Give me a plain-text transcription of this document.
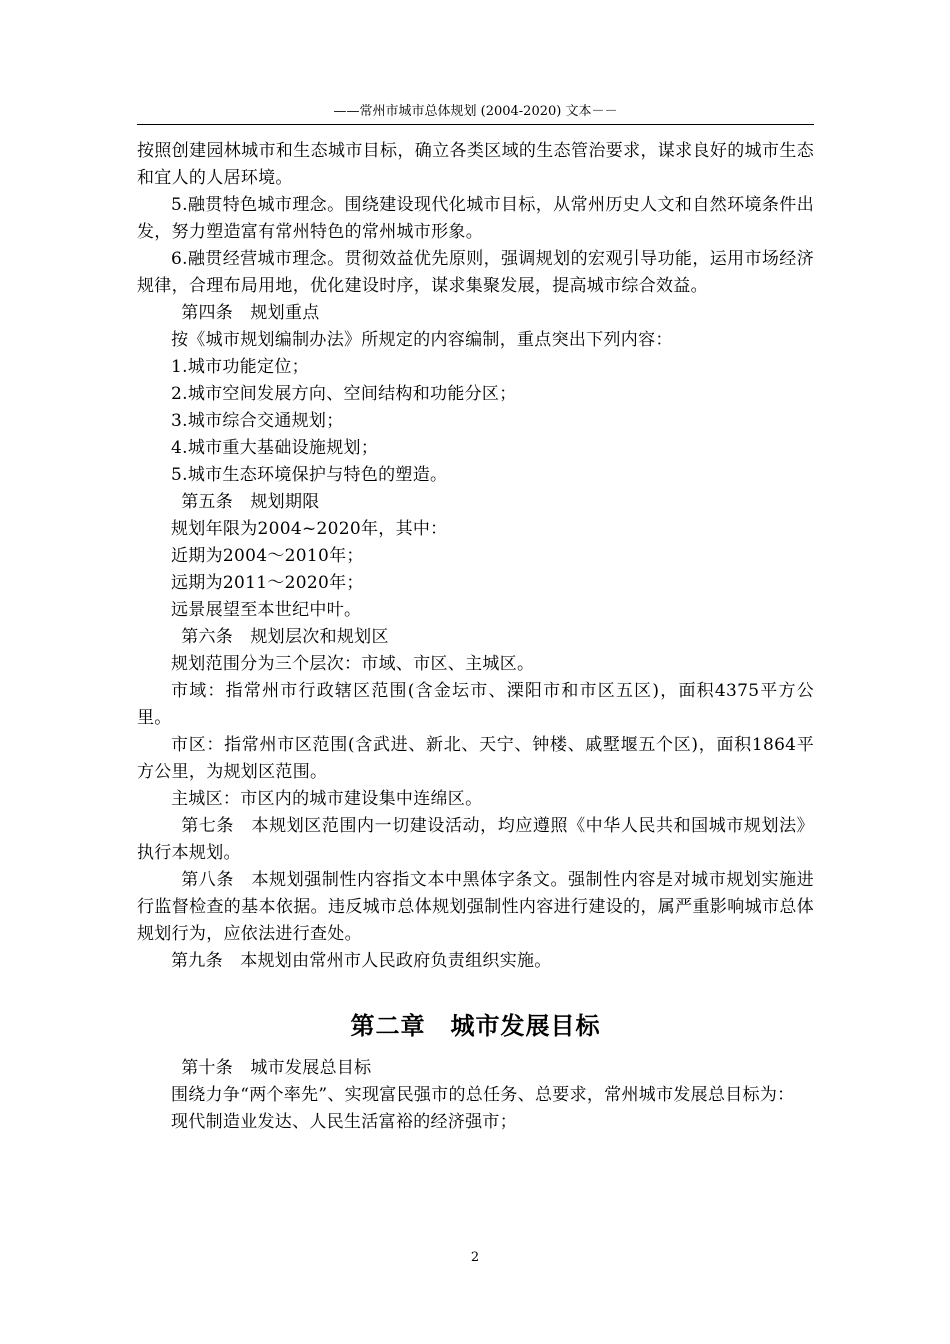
——常州市城市总体规划 (2004-2020) 文本－－

按照创建园林城市和生态城市目标，确立各类区域的生态管治要求，谋求良好的城市生态和宜人的人居环境。

5.融贯特色城市理念。围绕建设现代化城市目标，从常州历史人文和自然环境条件出发，努力塑造富有常州特色的常州城市形象。

6.融贯经营城市理念。贯彻效益优先原则，强调规划的宏观引导功能，运用市场经济规律，合理布局用地，优化建设时序，谋求集聚发展，提高城市综合效益。

第四条　规划重点

按《城市规划编制办法》所规定的内容编制，重点突出下列内容：

1.城市功能定位；

2.城市空间发展方向、空间结构和功能分区；

3.城市综合交通规划；

4.城市重大基础设施规划；

5.城市生态环境保护与特色的塑造。

第五条　规划期限

规划年限为2004~2020年，其中：

近期为2004～2010年；

远期为2011～2020年；

远景展望至本世纪中叶。

第六条　规划层次和规划区

规划范围分为三个层次：市域、市区、主城区。

市域：指常州市行政辖区范围(含金坛市、溧阳市和市区五区)，面积4375平方公里。

市区：指常州市区范围(含武进、新北、天宁、钟楼、戚墅堰五个区)，面积1864平方公里，为规划区范围。

主城区：市区内的城市建设集中连绵区。

第七条　本规划区范围内一切建设活动，均应遵照《中华人民共和国城市规划法》执行本规划。

第八条　本规划强制性内容指文本中黑体字条文。强制性内容是对城市规划实施进行监督检查的基本依据。违反城市总体规划强制性内容进行建设的，属严重影响城市总体规划行为，应依法进行查处。

第九条　本规划由常州市人民政府负责组织实施。

第二章　城市发展目标

第十条　城市发展总目标

围绕力争“两个率先”、实现富民强市的总任务、总要求，常州城市发展总目标为：

现代制造业发达、人民生活富裕的经济强市；

2
